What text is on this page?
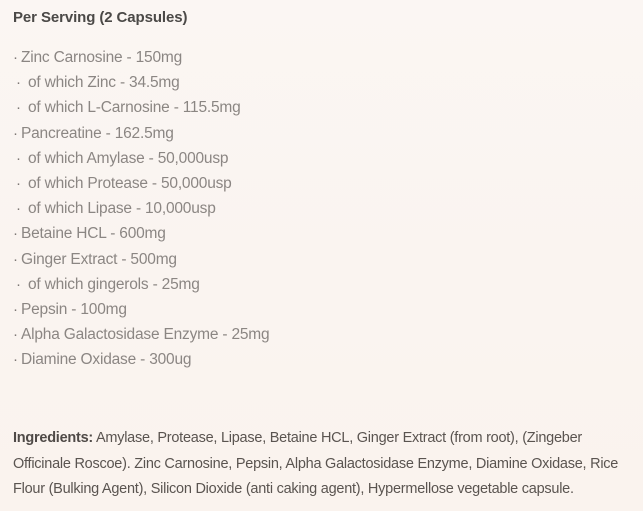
Per Serving (2 Capsules)
· Zinc Carnosine - 150mg
· of which Zinc - 34.5mg
· of which L-Carnosine - 115.5mg
· Pancreatine - 162.5mg
· of which Amylase - 50,000usp
· of which Protease - 50,000usp
· of which Lipase - 10,000usp
· Betaine HCL - 600mg
· Ginger Extract - 500mg
· of which gingerols - 25mg
· Pepsin - 100mg
· Alpha Galactosidase Enzyme - 25mg
· Diamine Oxidase - 300ug

Ingredients: Amylase, Protease, Lipase, Betaine HCL, Ginger Extract (from root), (Zingeber Officinale Roscoe). Zinc Carnosine, Pepsin, Alpha Galactosidase Enzyme, Diamine Oxidase, Rice Flour (Bulking Agent), Silicon Dioxide (anti caking agent), Hypermellose vegetable capsule.
